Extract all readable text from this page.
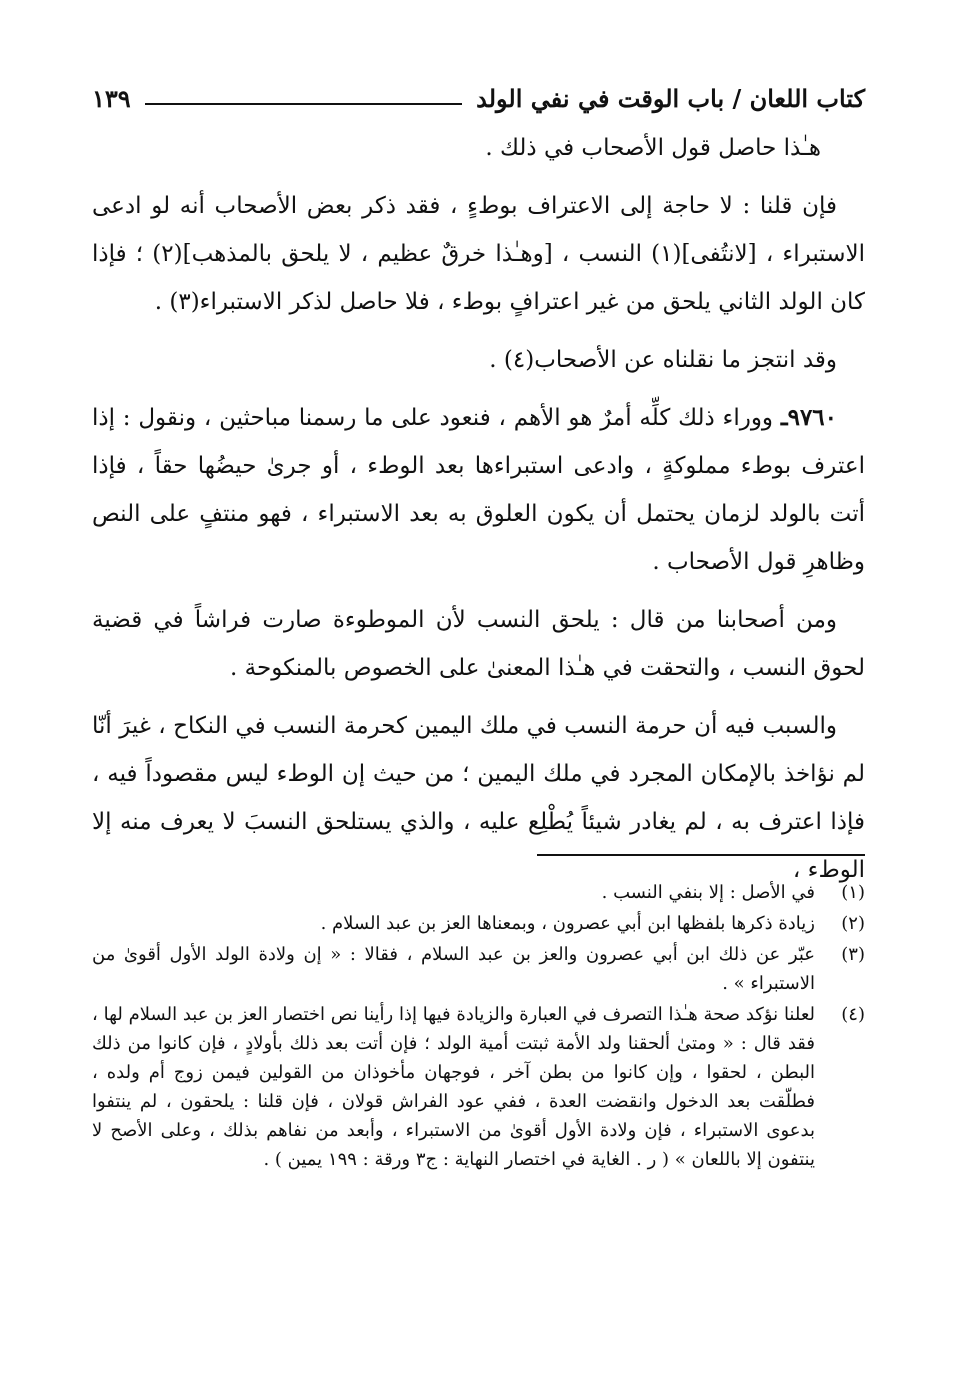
كتاب اللعان / باب الوقت في نفي الولد
١٣٩

هـٰذا حاصل قول الأصحاب في ذلك .

فإن قلنا : لا حاجة إلى الاعتراف بوطءٍ ، فقد ذكر بعض الأصحاب أنه لو ادعى الاستبراء ، [لانتُفى](١) النسب ، [وهـٰذا خرقٌ عظيم ، لا يلحق بالمذهب](٢) ؛ فإذا كان الولد الثاني يلحق من غير اعترافٍ بوطء ، فلا حاصل لذكر الاستبراء(٣) .

وقد انتجز ما نقلناه عن الأصحاب(٤) .

٩٧٦٠ـ ووراء ذلك كلِّه أمرٌ هو الأهم ، فنعود على ما رسمنا مباحثين ، ونقول : إذا اعترف بوطء مملوكةٍ ، وادعى استبراءها بعد الوطء ، أو جرىٰ حيضُها حقاً ، فإذا أتت بالولد لزمان يحتمل أن يكون العلوق به بعد الاستبراء ، فهو منتفٍ على النص وظاهرِ قول الأصحاب .

ومن أصحابنا من قال : يلحق النسب لأن الموطوءة صارت فراشاً في قضية لحوق النسب ، والتحقت في هـٰذا المعنىٰ على الخصوص بالمنكوحة .

والسبب فيه أن حرمة النسب في ملك اليمين كحرمة النسب في النكاح ، غيرَ أنّا لم نؤاخذ بالإمكان المجرد في ملك اليمين ؛ من حيث إن الوطء ليس مقصوداً فيه ، فإذا اعترف به ، لم يغادر شيئاً يُطْلِع عليه ، والذي يستلحق النسبَ لا يعرف منه إلا الوطء ،

(١)
في الأصل : إلا بنفي النسب .
(٢)
زيادة ذكرها بلفظها ابن أبي عصرون ، وبمعناها العز بن عبد السلام .
(٣)
عبّر عن ذلك ابن أبي عصرون والعز بن عبد السلام ، فقالا : « إن ولادة الولد الأول أقوىٰ من الاستبراء » .
(٤)
لعلنا نؤكد صحة هـٰذا التصرف في العبارة والزيادة فيها إذا رأينا نص اختصار العز بن عبد السلام لها ، فقد قال : « ومتىٰ ألحقنا ولد الأمة ثبتت أمية الولد ؛ فإن أتت بعد ذلك بأولادٍ ، فإن كانوا من ذلك البطن ، لحقوا ، وإن كانوا من بطن آخر ، فوجهان مأخوذان من القولين فيمن زوج أم ولده ، فطلّقت بعد الدخول وانقضت العدة ، ففي عود الفراش قولان ، فإن قلنا : يلحقون ، لم ينتفوا بدعوى الاستبراء ، فإن ولادة الأول أقوىٰ من الاستبراء ، وأبعد من نفاهم بذلك ، وعلى الأصح لا ينتفون إلا باللعان » ( ر . الغاية في اختصار النهاية : ج٣ ورقة : ١٩٩ يمين ) .
